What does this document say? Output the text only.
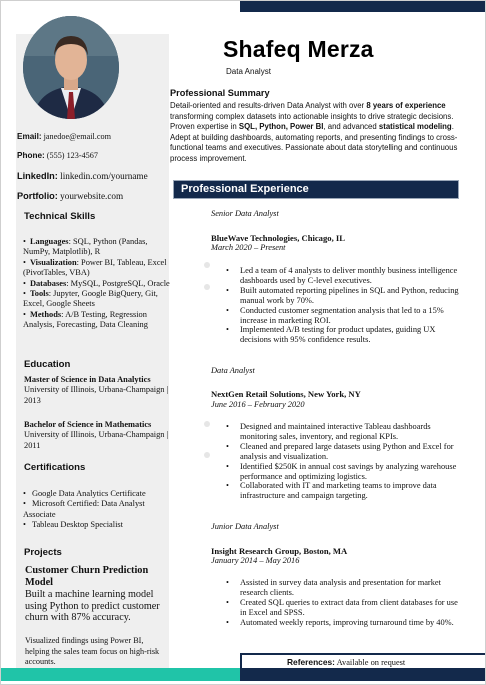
Shafeq Merza
Data Analyst
Professional Summary
Detail-oriented and results-driven Data Analyst with over 8 years of experience transforming complex datasets into actionable insights to drive strategic decisions. Proven expertise in SQL, Python, Power BI, and advanced statistical modeling. Adept at building dashboards, automating reports, and presenting findings to cross-functional teams and executives. Passionate about data storytelling and continuous process improvement.
Professional Experience
Email: janedoe@email.com
Phone: (555) 123-4567
LinkedIn: linkedin.com/yourname
Portfolio: yourwebsite.com
Technical Skills
• Languages: SQL, Python (Pandas, NumPy, Matplotlib), R
• Visualization: Power BI, Tableau, Excel (PivotTables, VBA)
• Databases: MySQL, PostgreSQL, Oracle
• Tools: Jupyter, Google BigQuery, Git, Excel, Google Sheets
• Methods: A/B Testing, Regression Analysis, Forecasting, Data Cleaning
Education
Master of Science in Data Analytics
University of Illinois, Urbana-Champaign | 2013
Bachelor of Science in Mathematics
University of Illinois, Urbana-Champaign | 2011
Certifications
• Google Data Analytics Certificate
• Microsoft Certified: Data Analyst Associate
• Tableau Desktop Specialist
Projects
Customer Churn Prediction Model
Built a machine learning model using Python to predict customer churn with 87% accuracy.
Visualized findings using Power BI, helping the sales team focus on high-risk accounts.
Senior Data Analyst
BlueWave Technologies, Chicago, IL
March 2020 – Present
• Led a team of 4 analysts to deliver monthly business intelligence dashboards used by C-level executives.
• Built automated reporting pipelines in SQL and Python, reducing manual work by 70%.
• Conducted customer segmentation analysis that led to a 15% increase in marketing ROI.
• Implemented A/B testing for product updates, guiding UX decisions with 95% confidence results.
Data Analyst
NextGen Retail Solutions, New York, NY
June 2016 – February 2020
• Designed and maintained interactive Tableau dashboards monitoring sales, inventory, and regional KPIs.
• Cleaned and prepared large datasets using Python and Excel for analysis and visualization.
• Identified $250K in annual cost savings by analyzing warehouse performance and optimizing logistics.
• Collaborated with IT and marketing teams to improve data infrastructure and campaign targeting.
Junior Data Analyst
Insight Research Group, Boston, MA
January 2014 – May 2016
• Assisted in survey data analysis and presentation for market research clients.
• Created SQL queries to extract data from client databases for use in Excel and SPSS.
• Automated weekly reports, improving turnaround time by 40%.
References: Available on request
